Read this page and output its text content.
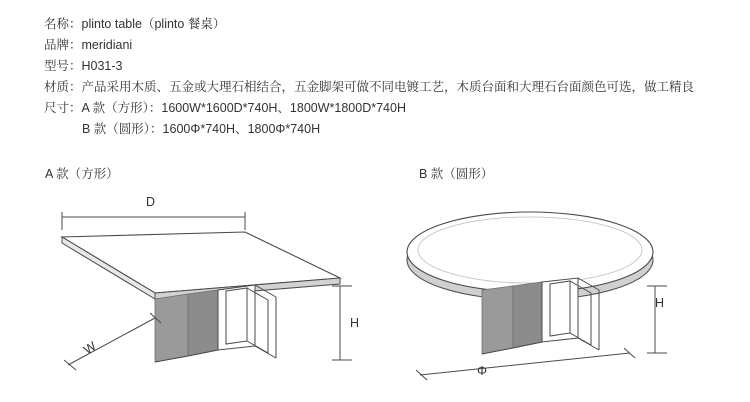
名称：plinto table（plinto 餐桌）
品牌：meridiani
型号：H031-3
材质：产品采用木质、五金或大理石相结合，五金脚架可做不同电镀工艺，木质台面和大理石台面颜色可选，做工精良
尺寸：A 款（方形）：1600W*1600D*740H、1800W*1800D*740H
B 款（圆形）：1600Φ*740H、1800Φ*740H
A 款（方形）	B 款（圆形）
D
W
H
Φ
H
